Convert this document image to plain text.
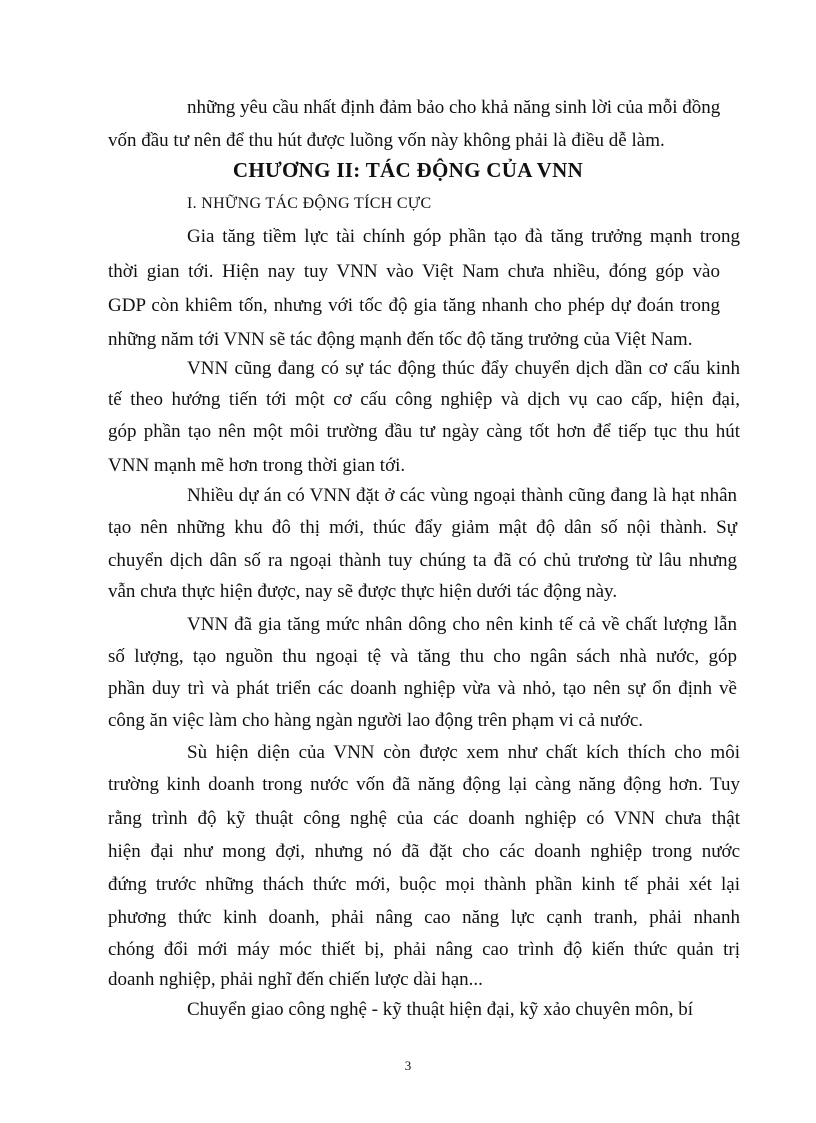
những yêu cầu nhất định đảm bảo cho khả năng sinh lời của mỗi đồng
vốn đầu tư nên để thu hút được luồng vốn này không phải là điều dễ làm.
CHƯƠNG II: TÁC ĐỘNG CỦA VNN
I. NHỮNG TÁC ĐỘNG TÍCH CỰC
Gia tăng tiềm lực tài chính góp phần tạo đà tăng trưởng mạnh trong
thời gian tới. Hiện nay tuy VNN vào Việt Nam chưa nhiều, đóng góp vào
GDP còn khiêm tốn, nhưng với tốc độ gia tăng nhanh cho phép dự đoán trong
những năm tới VNN sẽ tác động mạnh đến tốc độ tăng trưởng của Việt Nam.
VNN cũng đang có sự tác động thúc đẩy chuyển dịch dần cơ cấu kinh
tế theo hướng tiến tới một cơ cấu công nghiệp và dịch vụ cao cấp, hiện đại,
góp phần tạo nên một môi trường đầu tư ngày càng tốt hơn để tiếp tục thu hút
VNN mạnh mẽ hơn trong thời gian tới.
Nhiều dự án có VNN đặt ở các vùng ngoại thành cũng đang là hạt nhân
tạo nên những khu đô thị mới, thúc đẩy giảm mật độ dân số nội thành. Sự
chuyển dịch dân số ra ngoại thành tuy chúng ta đã có chủ trương từ lâu nhưng
vẫn chưa thực hiện được, nay sẽ được thực hiện dưới tác động này.
VNN đã gia tăng mức nhân dông cho nên kinh tế cả về chất lượng lẫn
số lượng, tạo nguồn thu ngoại tệ và tăng thu cho ngân sách nhà nước, góp
phần duy trì và phát triển các doanh nghiệp vừa và nhỏ, tạo nên sự ổn định về
công ăn việc làm cho hàng ngàn người lao động trên phạm vi cả nước.
Sù hiện diện của VNN còn được xem như chất kích thích cho môi
trường kinh doanh trong nước vốn đã năng động lại càng năng động hơn. Tuy
rằng trình độ kỹ thuật công nghệ của các doanh nghiệp có VNN chưa thật
hiện đại như mong đợi, nhưng nó đã đặt cho các doanh nghiệp trong nước
đứng trước những thách thức mới, buộc mọi thành phần kinh tế phải xét lại
phương thức kinh doanh, phải nâng cao năng lực cạnh tranh, phải nhanh
chóng đổi mới máy móc thiết bị, phải nâng cao trình độ kiến thức quản trị
doanh nghiệp, phải nghĩ đến chiến lược dài hạn...
Chuyển giao công nghệ - kỹ thuật hiện đại, kỹ xảo chuyên môn, bí
3
